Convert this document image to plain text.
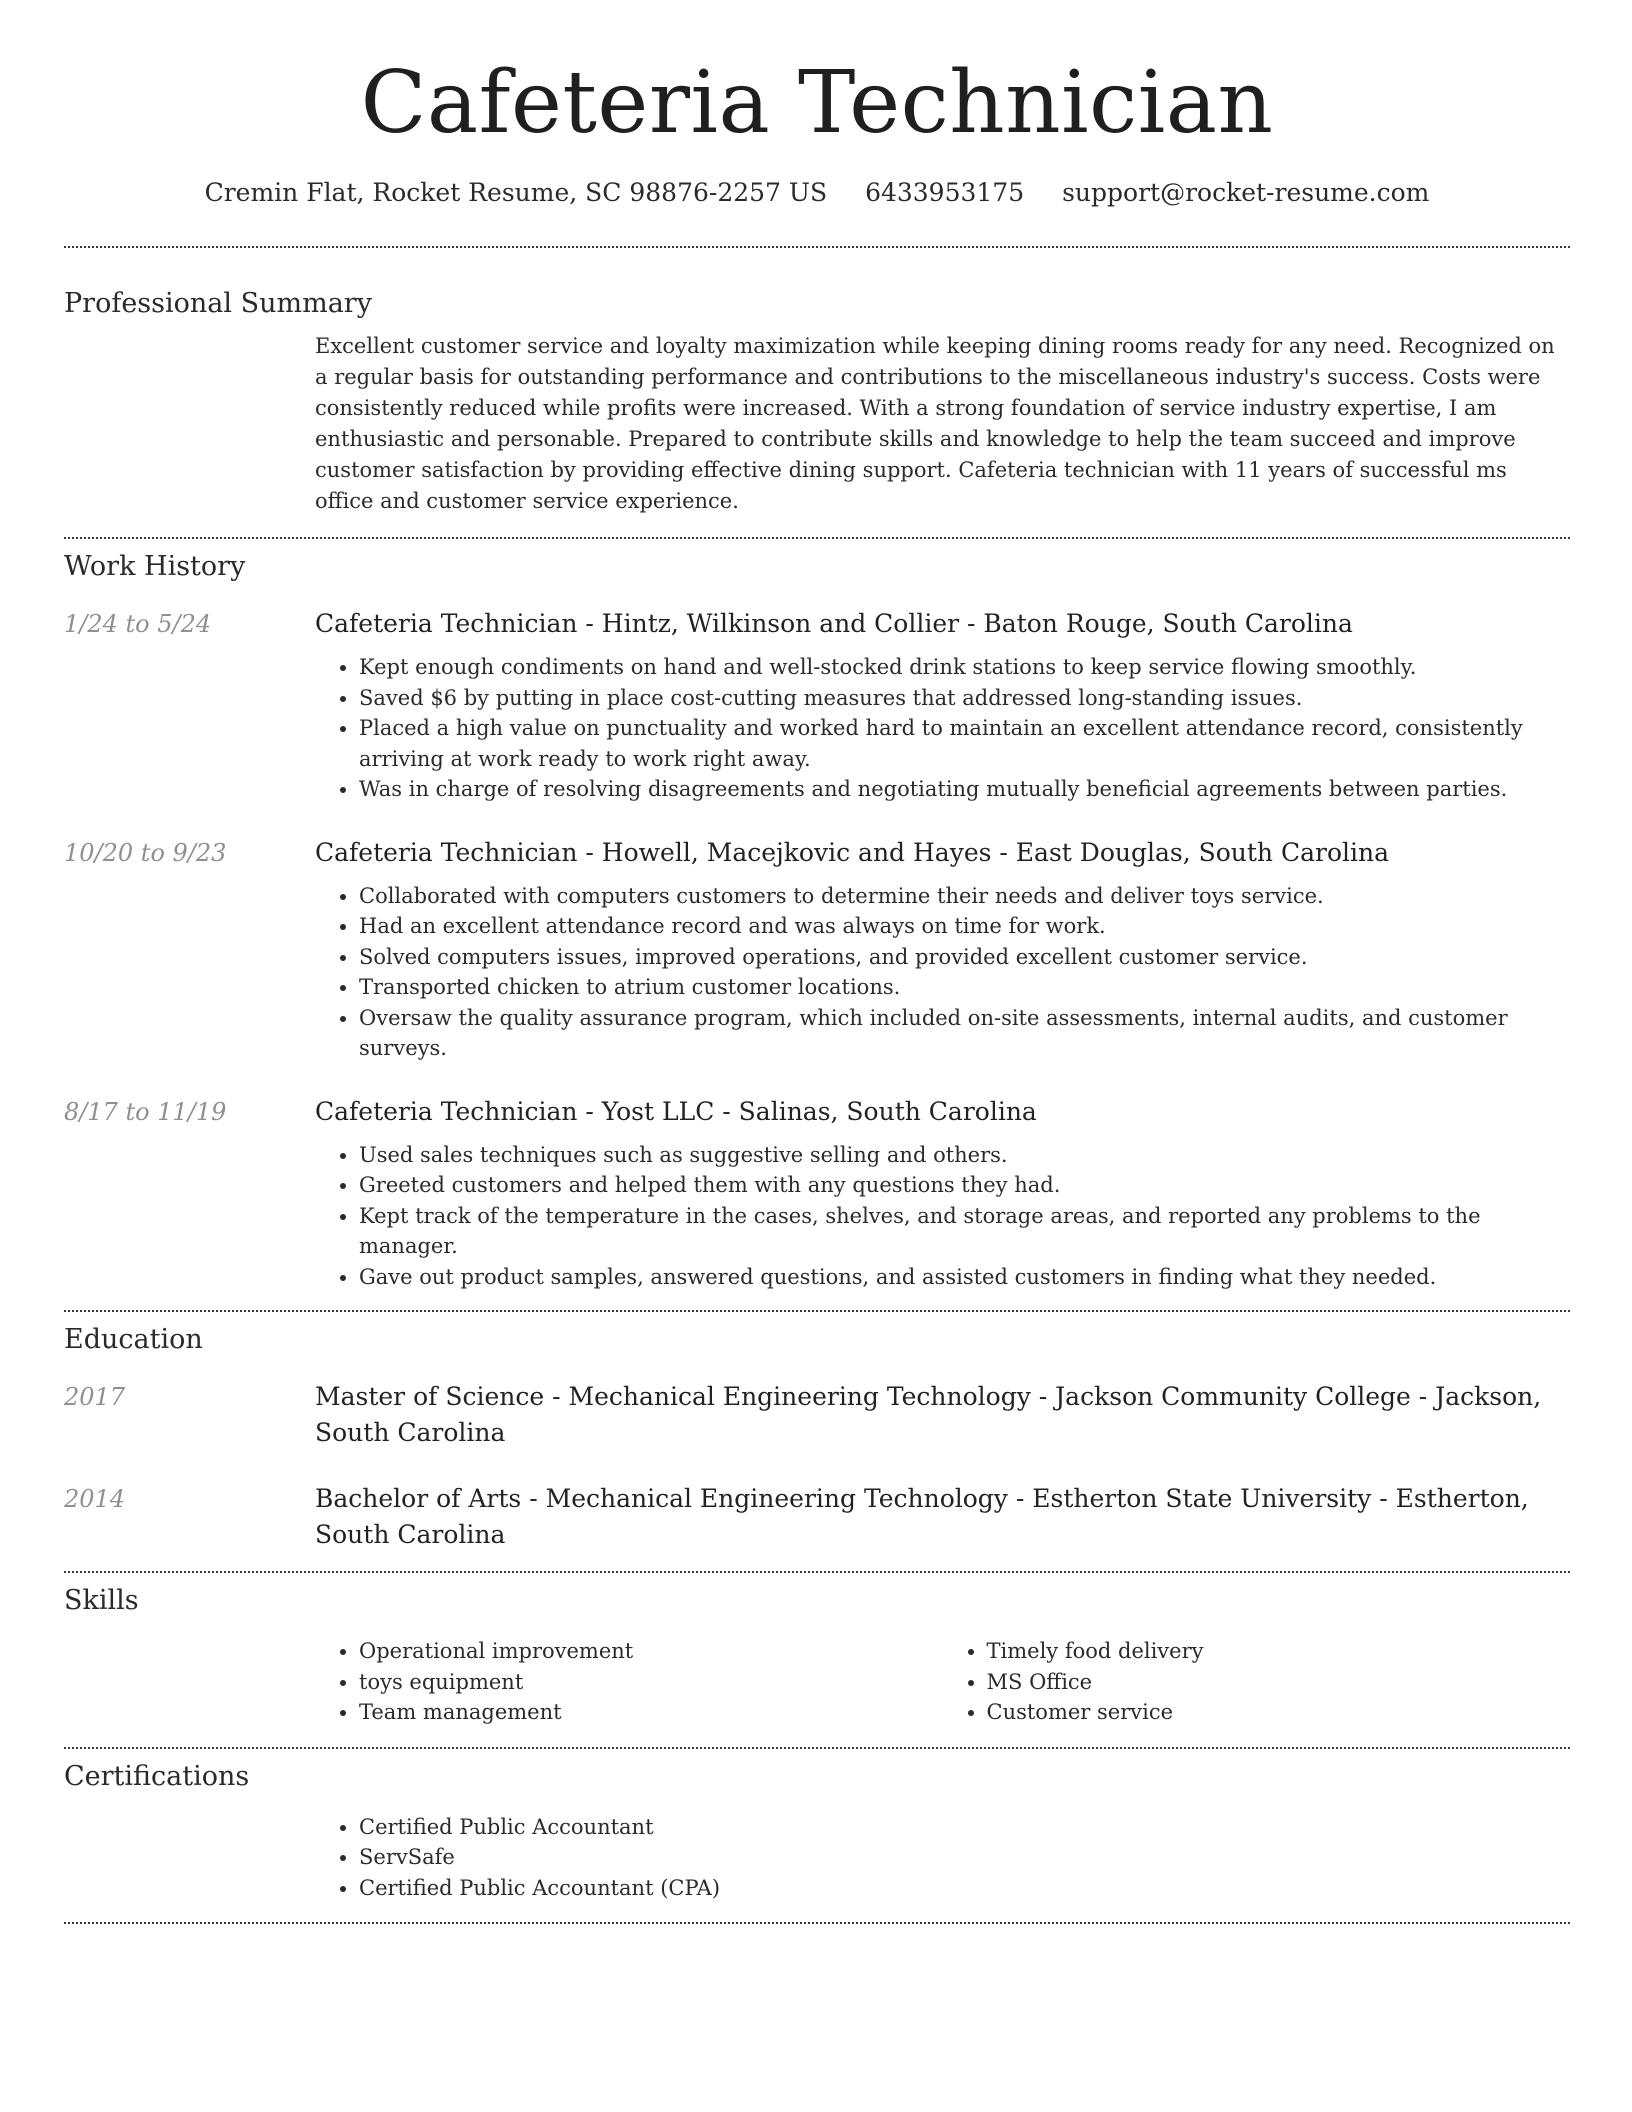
Cafeteria Technician
Cremin Flat, Rocket Resume, SC 98876-2257 US 6433953175 support@rocket-resume.com
Professional Summary
Excellent customer service and loyalty maximization while keeping dining rooms ready for any need. Recognized on a regular basis for outstanding performance and contributions to the miscellaneous industry's success. Costs were consistently reduced while profits were increased. With a strong foundation of service industry expertise, I am enthusiastic and personable. Prepared to contribute skills and knowledge to help the team succeed and improve customer satisfaction by providing effective dining support. Cafeteria technician with 11 years of successful ms office and customer service experience.
Work History
1/24 to 5/24	Cafeteria Technician - Hintz, Wilkinson and Collier - Baton Rouge, South Carolina
• Kept enough condiments on hand and well-stocked drink stations to keep service flowing smoothly.
• Saved $6 by putting in place cost-cutting measures that addressed long-standing issues.
• Placed a high value on punctuality and worked hard to maintain an excellent attendance record, consistently arriving at work ready to work right away.
• Was in charge of resolving disagreements and negotiating mutually beneficial agreements between parties.
10/20 to 9/23	Cafeteria Technician - Howell, Macejkovic and Hayes - East Douglas, South Carolina
• Collaborated with computers customers to determine their needs and deliver toys service.
• Had an excellent attendance record and was always on time for work.
• Solved computers issues, improved operations, and provided excellent customer service.
• Transported chicken to atrium customer locations.
• Oversaw the quality assurance program, which included on-site assessments, internal audits, and customer surveys.
8/17 to 11/19	Cafeteria Technician - Yost LLC - Salinas, South Carolina
• Used sales techniques such as suggestive selling and others.
• Greeted customers and helped them with any questions they had.
• Kept track of the temperature in the cases, shelves, and storage areas, and reported any problems to the manager.
• Gave out product samples, answered questions, and assisted customers in finding what they needed.
Education
2017	Master of Science - Mechanical Engineering Technology - Jackson Community College - Jackson, South Carolina
2014	Bachelor of Arts - Mechanical Engineering Technology - Estherton State University - Estherton, South Carolina
Skills
• Operational improvement
• toys equipment
• Team management
• Timely food delivery
• MS Office
• Customer service
Certifications
• Certified Public Accountant
• ServSafe
• Certified Public Accountant (CPA)
